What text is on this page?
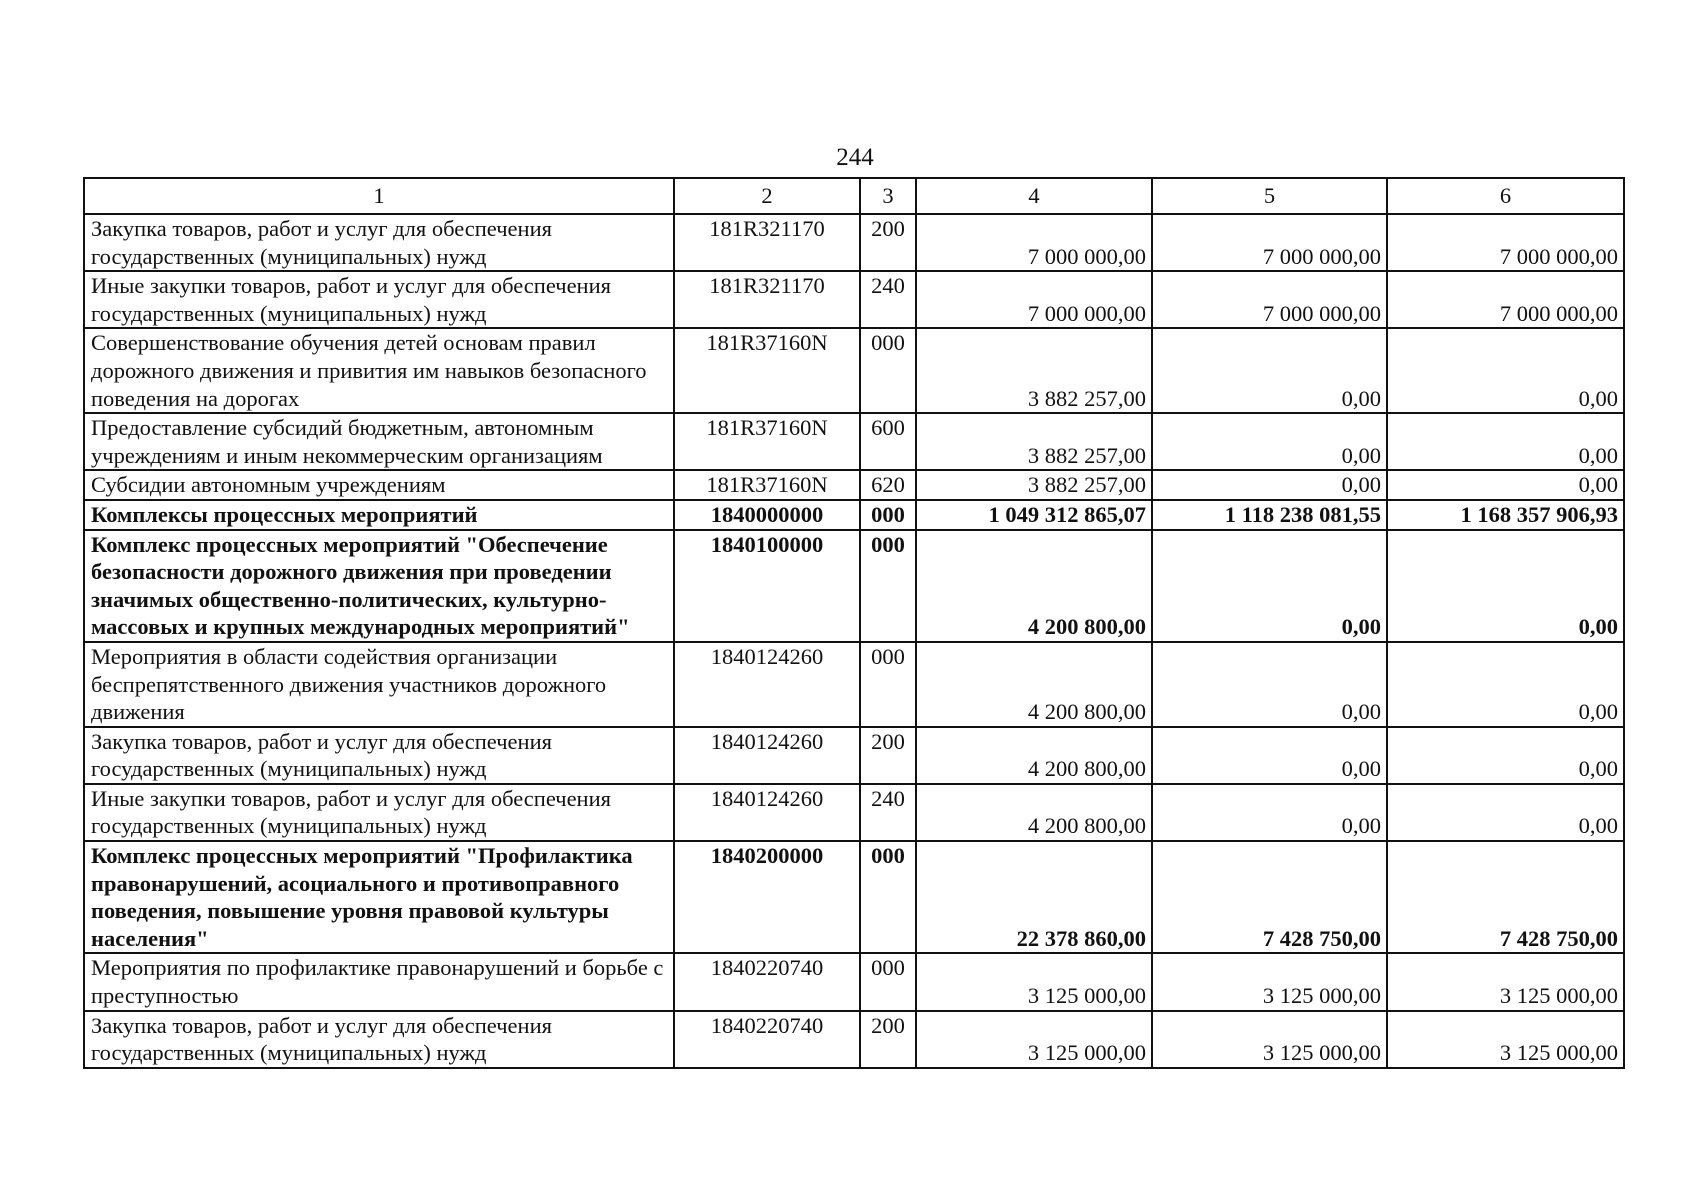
244
1	2	3	4	5	6
Закупка товаров, работ и услуг для обеспечения государственных (муниципальных) нужд	181R321170	200	7 000 000,00	7 000 000,00	7 000 000,00
Иные закупки товаров, работ и услуг для обеспечения государственных (муниципальных) нужд	181R321170	240	7 000 000,00	7 000 000,00	7 000 000,00
Совершенствование обучения детей основам правил дорожного движения и привития им навыков безопасного поведения на дорогах	181R37160N	000	3 882 257,00	0,00	0,00
Предоставление субсидий бюджетным, автономным учреждениям и иным некоммерческим организациям	181R37160N	600	3 882 257,00	0,00	0,00
Субсидии автономным учреждениям	181R37160N	620	3 882 257,00	0,00	0,00
Комплексы процессных мероприятий	1840000000	000	1 049 312 865,07	1 118 238 081,55	1 168 357 906,93
Комплекс процессных мероприятий "Обеспечение безопасности дорожного движения при проведении значимых общественно-политических, культурно-массовых и крупных международных мероприятий"	1840100000	000	4 200 800,00	0,00	0,00
Мероприятия в области содействия организации беспрепятственного движения участников дорожного движения	1840124260	000	4 200 800,00	0,00	0,00
Закупка товаров, работ и услуг для обеспечения государственных (муниципальных) нужд	1840124260	200	4 200 800,00	0,00	0,00
Иные закупки товаров, работ и услуг для обеспечения государственных (муниципальных) нужд	1840124260	240	4 200 800,00	0,00	0,00
Комплекс процессных мероприятий "Профилактика правонарушений, асоциального и противоправного поведения, повышение уровня правовой культуры населения"	1840200000	000	22 378 860,00	7 428 750,00	7 428 750,00
Мероприятия по профилактике правонарушений и борьбе с преступностью	1840220740	000	3 125 000,00	3 125 000,00	3 125 000,00
Закупка товаров, работ и услуг для обеспечения государственных (муниципальных) нужд	1840220740	200	3 125 000,00	3 125 000,00	3 125 000,00
